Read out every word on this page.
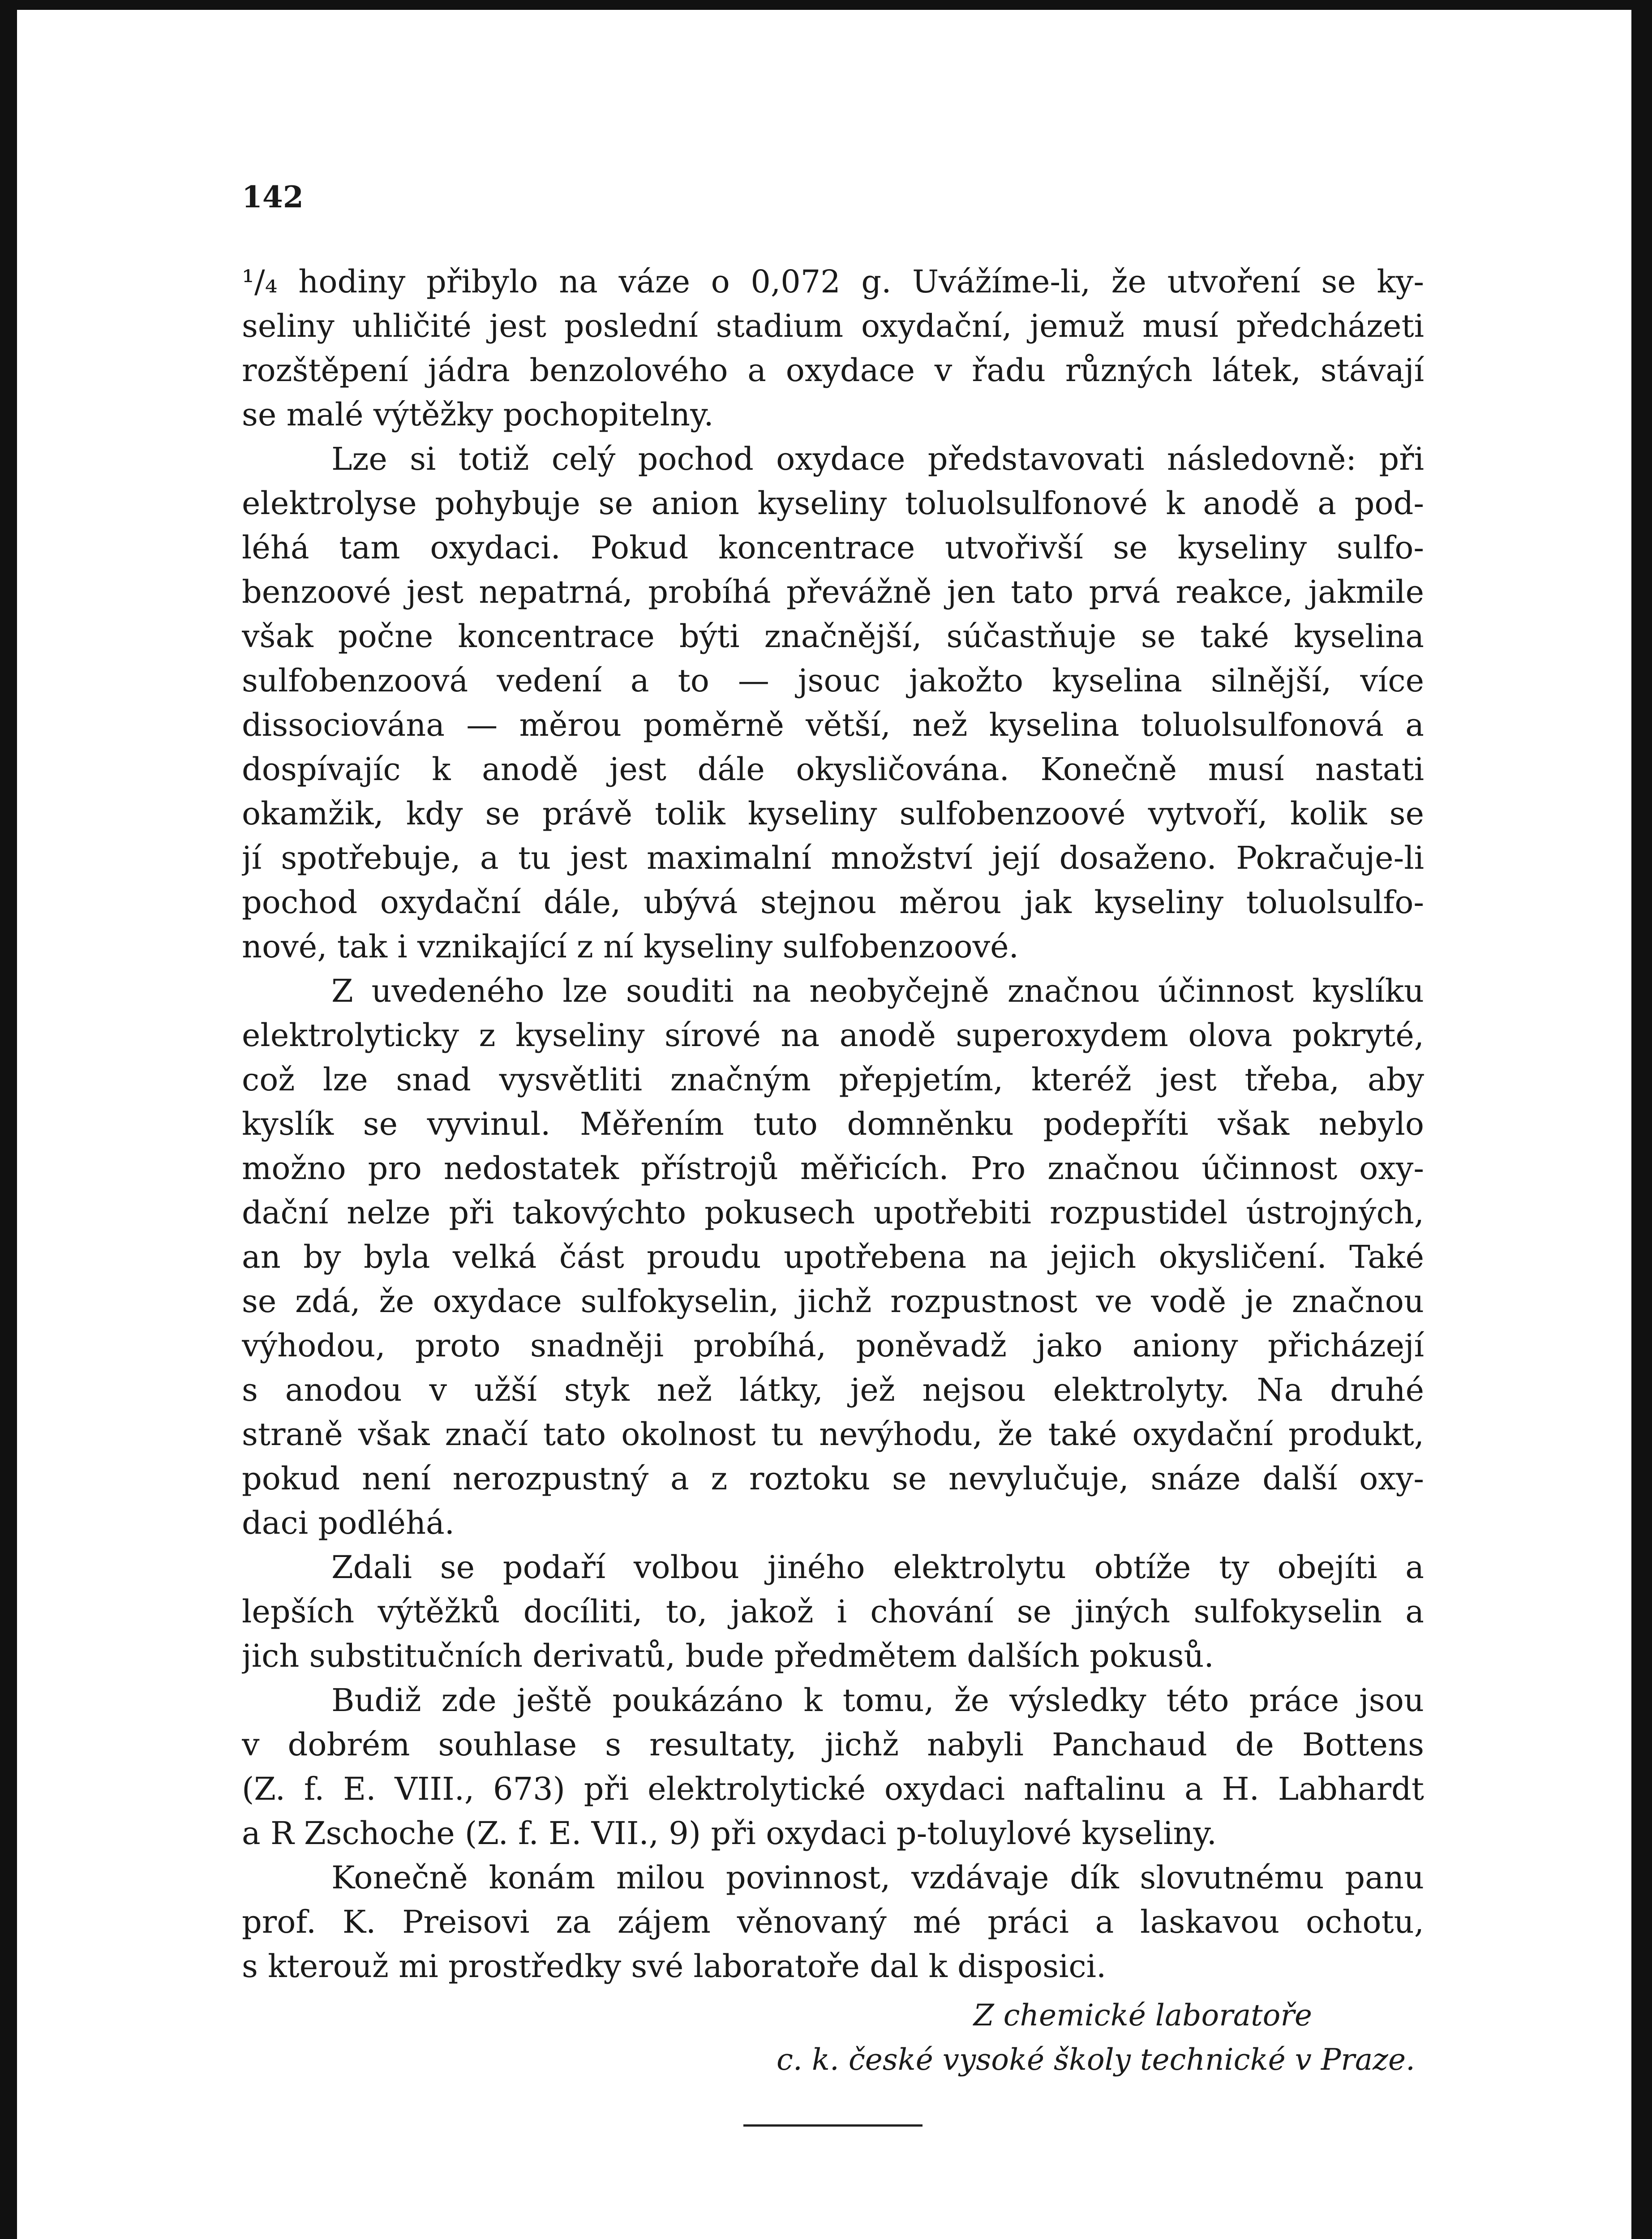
142
¹/₄ hodiny přibylo na váze o 0,072 g. Uvážíme-li, že utvoření se ky-
seliny uhličité jest poslední stadium oxydační, jemuž musí předcházeti
rozštěpení jádra benzolového a oxydace v řadu různých látek, stávají
se malé výtěžky pochopitelny.
Lze si totiž celý pochod oxydace představovati následovně: při
elektrolyse pohybuje se anion kyseliny toluolsulfonové k anodě a pod-
léhá tam oxydaci. Pokud koncentrace utvořivší se kyseliny sulfo-
benzoové jest nepatrná, probíhá převážně jen tato prvá reakce, jakmile
však počne koncentrace býti značnější, súčastňuje se také kyselina
sulfobenzoová vedení a to — jsouc jakožto kyselina silnější, více
dissociována — měrou poměrně větší, než kyselina toluolsulfonová a
dospívajíc k anodě jest dále okysličována. Konečně musí nastati
okamžik, kdy se právě tolik kyseliny sulfobenzoové vytvoří, kolik se
jí spotřebuje, a tu jest maximalní množství její dosaženo. Pokračuje-li
pochod oxydační dále, ubývá stejnou měrou jak kyseliny toluolsulfo-
nové, tak i vznikající z ní kyseliny sulfobenzoové.
Z uvedeného lze souditi na neobyčejně značnou účinnost kyslíku
elektrolyticky z kyseliny sírové na anodě superoxydem olova pokryté,
což lze snad vysvětliti značným přepjetím, kteréž jest třeba, aby
kyslík se vyvinul. Měřením tuto domněnku podepříti však nebylo
možno pro nedostatek přístrojů měřicích. Pro značnou účinnost oxy-
dační nelze při takovýchto pokusech upotřebiti rozpustidel ústrojných,
an by byla velká část proudu upotřebena na jejich okysličení. Také
se zdá, že oxydace sulfokyselin, jichž rozpustnost ve vodě je značnou
výhodou, proto snadněji probíhá, poněvadž jako aniony přicházejí
s anodou v užší styk než látky, jež nejsou elektrolyty. Na druhé
straně však značí tato okolnost tu nevýhodu, že také oxydační produkt,
pokud není nerozpustný a z roztoku se nevylučuje, snáze další oxy-
daci podléhá.
Zdali se podaří volbou jiného elektrolytu obtíže ty obejíti a
lepších výtěžků docíliti, to, jakož i chování se jiných sulfokyselin a
jich substitučních derivatů, bude předmětem dalších pokusů.
Budiž zde ještě poukázáno k tomu, že výsledky této práce jsou
v dobrém souhlase s resultaty, jichž nabyli Panchaud de Bottens
(Z. f. E. VIII., 673) při elektrolytické oxydaci naftalinu a H. Labhardt
a R Zschoche (Z. f. E. VII., 9) při oxydaci p-toluylové kyseliny.
Konečně konám milou povinnost, vzdávaje dík slovutnému panu
prof. K. Preisovi za zájem věnovaný mé práci a laskavou ochotu,
s kterouž mi prostředky své laboratoře dal k disposici.
Z chemické laboratoře
c. k. české vysoké školy technické v Praze.
